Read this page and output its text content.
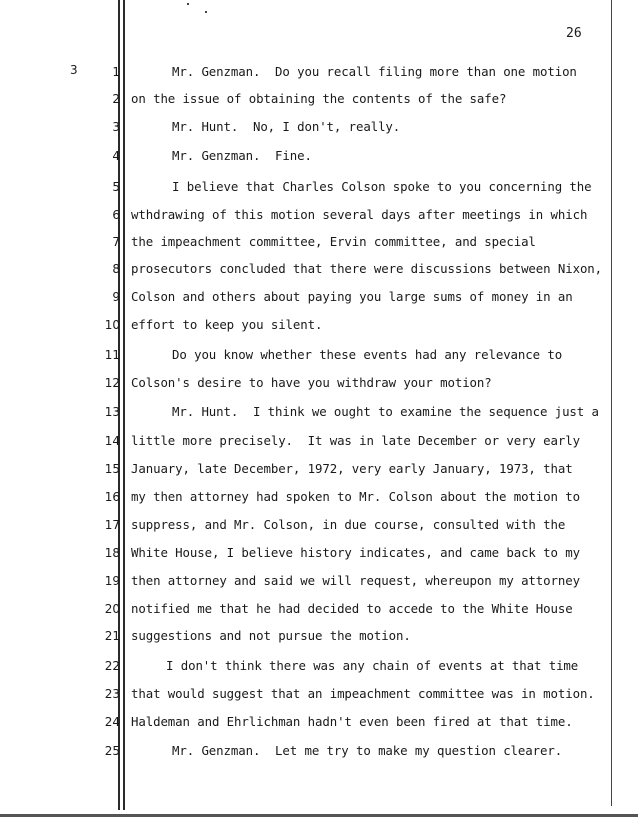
26
3	1	Mr. Genzman.  Do you recall filing more than one motion
2 on the issue of obtaining the contents of the safe?
3	Mr. Hunt.  No, I don't, really.
4	Mr. Genzman.  Fine.
5	I believe that Charles Colson spoke to you concerning the
6 wthdrawing of this motion several days after meetings in which
7 the impeachment committee, Ervin committee, and special
8 prosecutors concluded that there were discussions between Nixon,
9 Colson and others about paying you large sums of money in an
10 effort to keep you silent.
11	Do you know whether these events had any relevance to
12 Colson's desire to have you withdraw your motion?
13	Mr. Hunt.  I think we ought to examine the sequence just a
14 little more precisely.  It was in late December or very early
15 January, late December, 1972, very early January, 1973, that
16 my then attorney had spoken to Mr. Colson about the motion to
17 suppress, and Mr. Colson, in due course, consulted with the
18 White House, I believe history indicates, and came back to my
19 then attorney and said we will request, whereupon my attorney
20 notified me that he had decided to accede to the White House
21 suggestions and not pursue the motion.
22	I don't think there was any chain of events at that time
23 that would suggest that an impeachment committee was in motion.
24 Haldeman and Ehrlichman hadn't even been fired at that time.
25	Mr. Genzman.  Let me try to make my question clearer.
